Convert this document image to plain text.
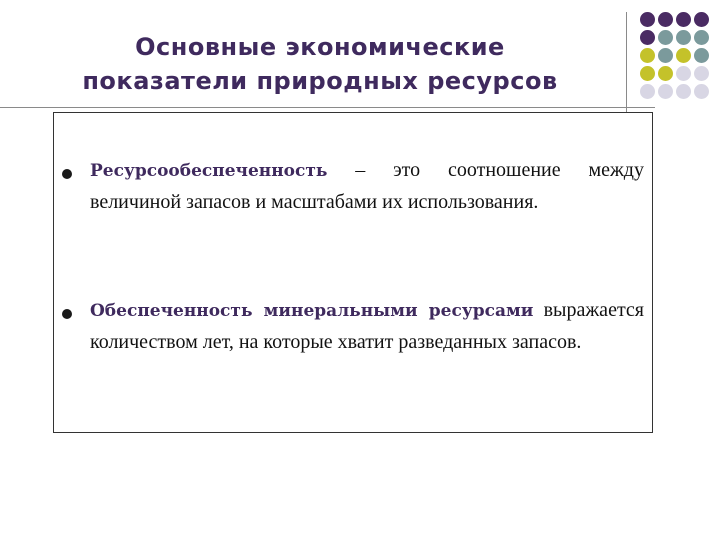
Основные экономические
показатели природных ресурсов
Ресурсообеспеченность – это соотношение между величиной запасов и масштабами их использования.
Обеспеченность минеральными ресурсами выражается количеством лет, на которые хватит разведанных запасов.
